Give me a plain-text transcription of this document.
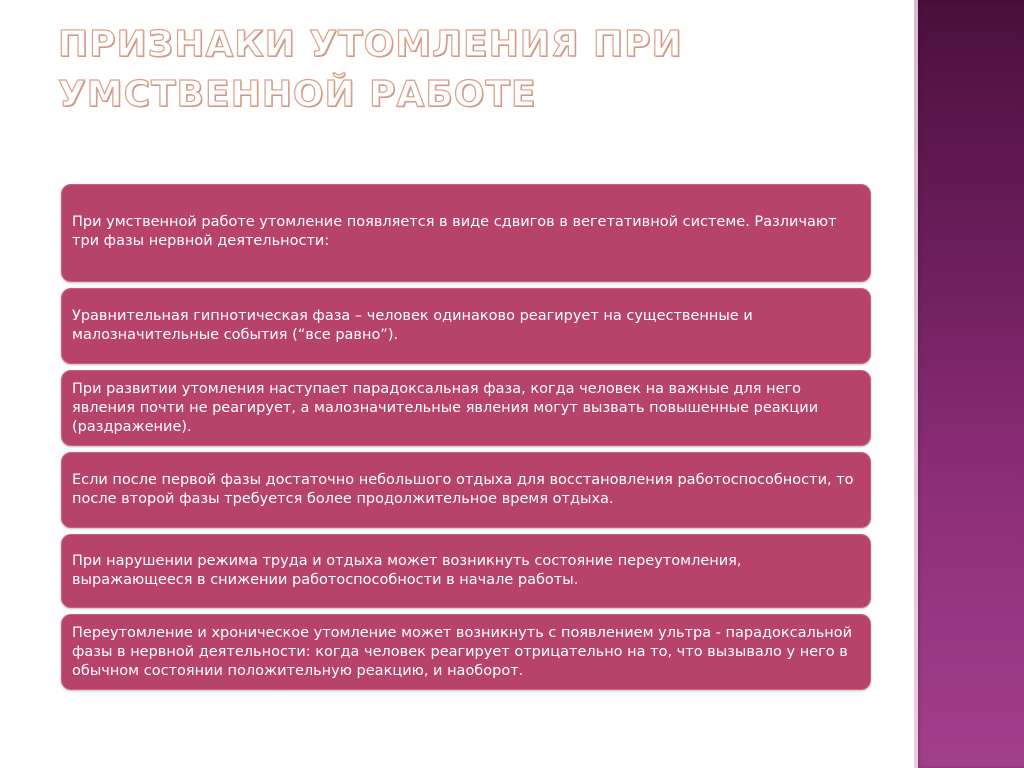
ПРИЗНАКИ УТОМЛЕНИЯ ПРИ
УМСТВЕННОЙ РАБОТЕ
При умственной работе утомление появляется в виде сдвигов в вегетативной системе. Различают три фазы нервной деятельности:
Уравнительная гипнотическая фаза – человек одинаково реагирует на существенные и малозначительные события (“все равно”).
При развитии утомления наступает парадоксальная фаза, когда человек на важные для него явления почти не реагирует, а малозначительные явления могут вызвать повышенные реакции (раздражение).
Если после первой фазы достаточно небольшого отдыха для восстановления работоспособности, то после второй фазы требуется более продолжительное время отдыха.
При нарушении режима труда и отдыха может возникнуть состояние переутомления, выражающееся в снижении работоспособности в начале работы.
Переутомление и хроническое утомление может возникнуть с появлением ультра - парадоксальной фазы в нервной деятельности: когда человек реагирует отрицательно на то, что вызывало у него в обычном состоянии положительную реакцию, и наоборот.
